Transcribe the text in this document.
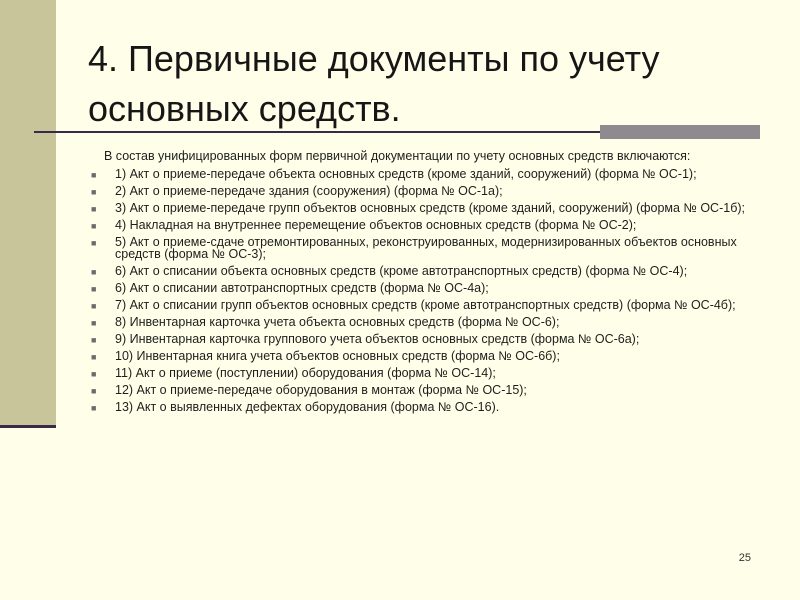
4. Первичные документы по учету основных средств.

В состав унифицированных форм первичной документации по учету основных средств включаются:

■ 1) Акт о приеме-передаче объекта основных средств (кроме зданий, сооружений) (форма № ОС-1);
■ 2) Акт о приеме-передаче здания (сооружения) (форма № ОС-1а);
■ 3) Акт о приеме-передаче групп объектов основных средств (кроме зданий, сооружений) (форма № ОС-1б);
■ 4) Накладная на внутреннее перемещение объектов основных средств (форма № ОС-2);
■ 5) Акт о приеме-сдаче отремонтированных, реконструированных, модернизированных объектов основных средств (форма № ОС-3);
■ 6) Акт о списании объекта основных средств (кроме автотранспортных средств) (форма № ОС-4);
■ 6) Акт о списании автотранспортных средств (форма № ОС-4а);
■ 7) Акт о списании групп объектов основных средств (кроме автотранспортных средств) (форма № ОС-4б);
■ 8) Инвентарная карточка учета объекта основных средств (форма № ОС-6);
■ 9) Инвентарная карточка группового учета объектов основных средств (форма № ОС-6а);
■ 10) Инвентарная книга учета объектов основных средств (форма № ОС-6б);
■ 11) Акт о приеме (поступлении) оборудования (форма № ОС-14);
■ 12) Акт о приеме-передаче оборудования в монтаж (форма № ОС-15);
■ 13) Акт о выявленных дефектах оборудования (форма № ОС-16).
25
